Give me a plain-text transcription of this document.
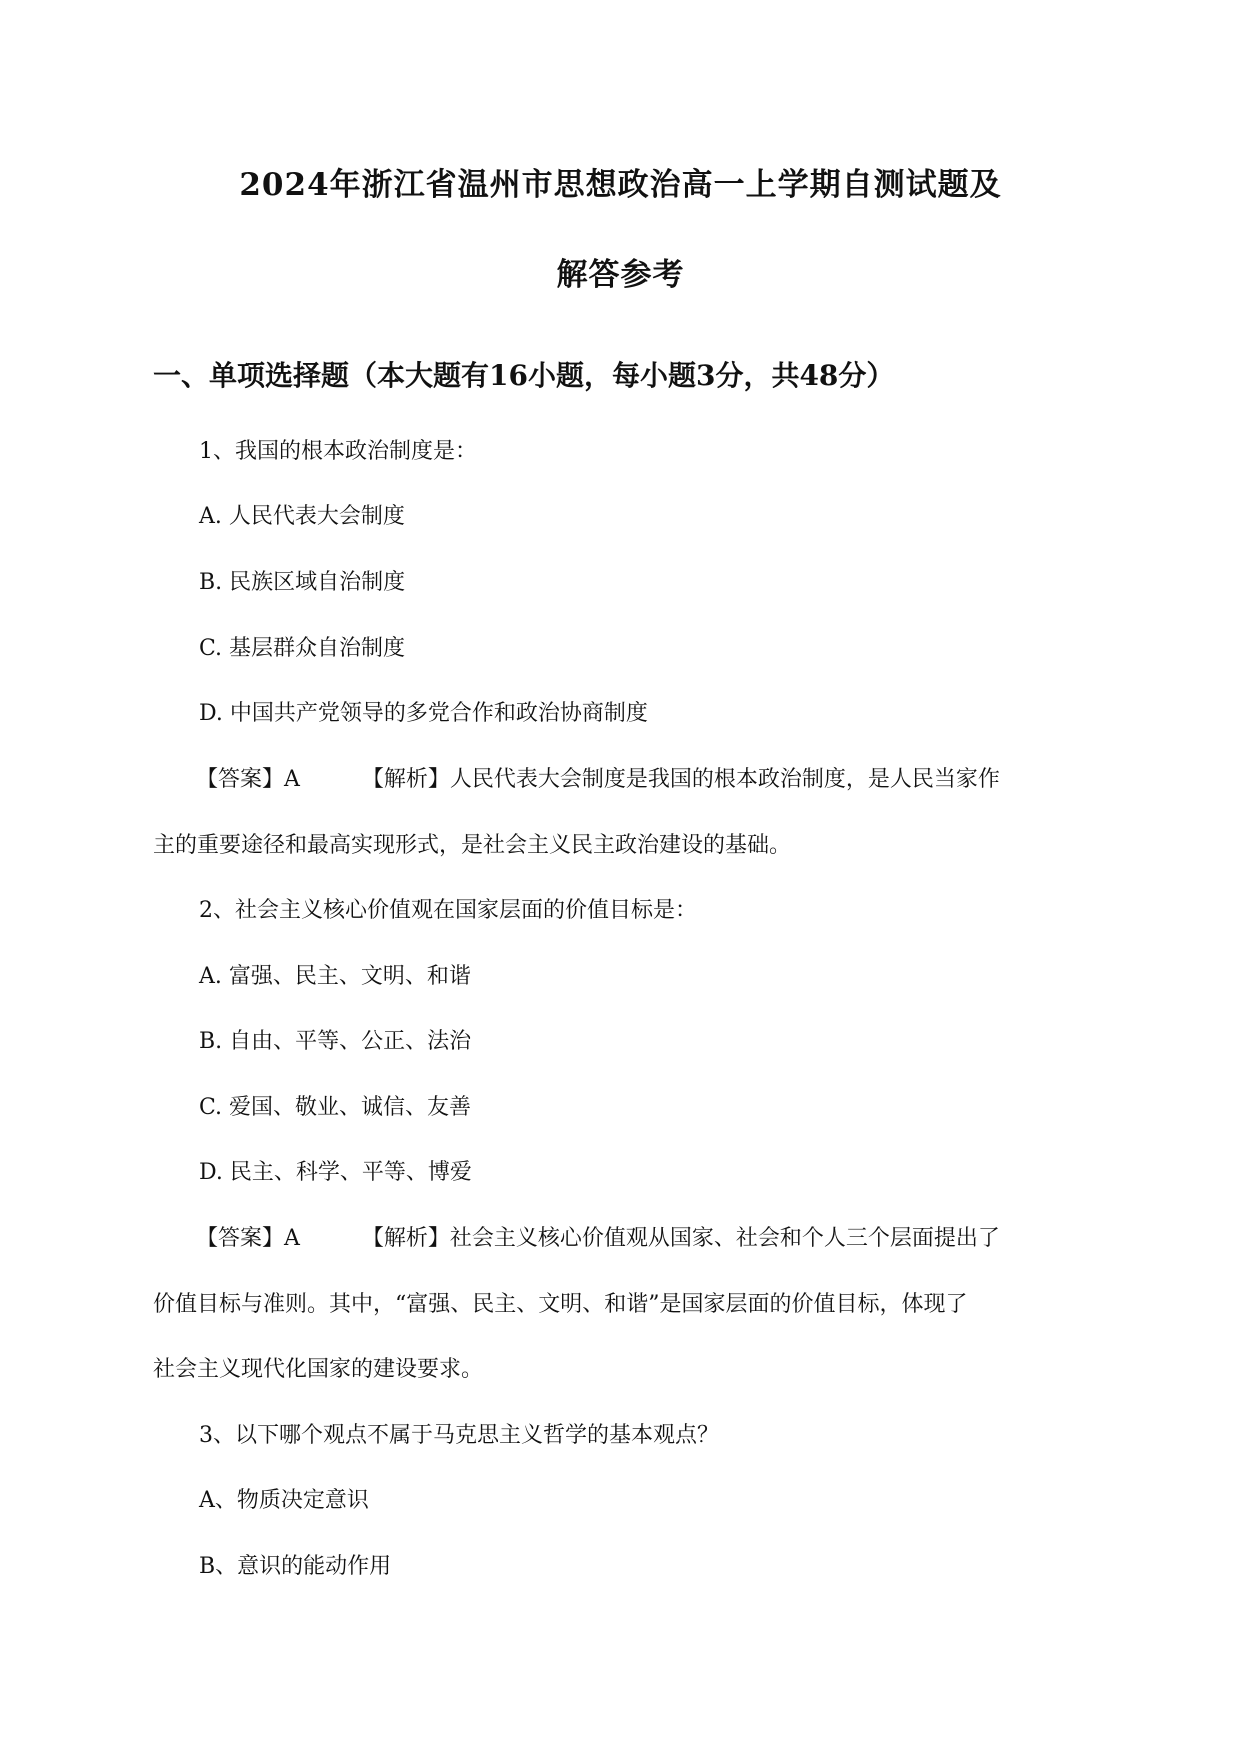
2024年浙江省温州市思想政治高一上学期自测试题及
解答参考
一、单项选择题（本大题有16小题，每小题3分，共48分）
1、我国的根本政治制度是：
A. 人民代表大会制度
B. 民族区域自治制度
C. 基层群众自治制度
D. 中国共产党领导的多党合作和政治协商制度
【答案】A	【解析】人民代表大会制度是我国的根本政治制度，是人民当家作
主的重要途径和最高实现形式，是社会主义民主政治建设的基础。
2、社会主义核心价值观在国家层面的价值目标是：
A. 富强、民主、文明、和谐
B. 自由、平等、公正、法治
C. 爱国、敬业、诚信、友善
D. 民主、科学、平等、博爱
【答案】A	【解析】社会主义核心价值观从国家、社会和个人三个层面提出了
价值目标与准则。其中，“富强、民主、文明、和谐”是国家层面的价值目标，体现了
社会主义现代化国家的建设要求。
3、以下哪个观点不属于马克思主义哲学的基本观点？
A、物质决定意识
B、意识的能动作用
